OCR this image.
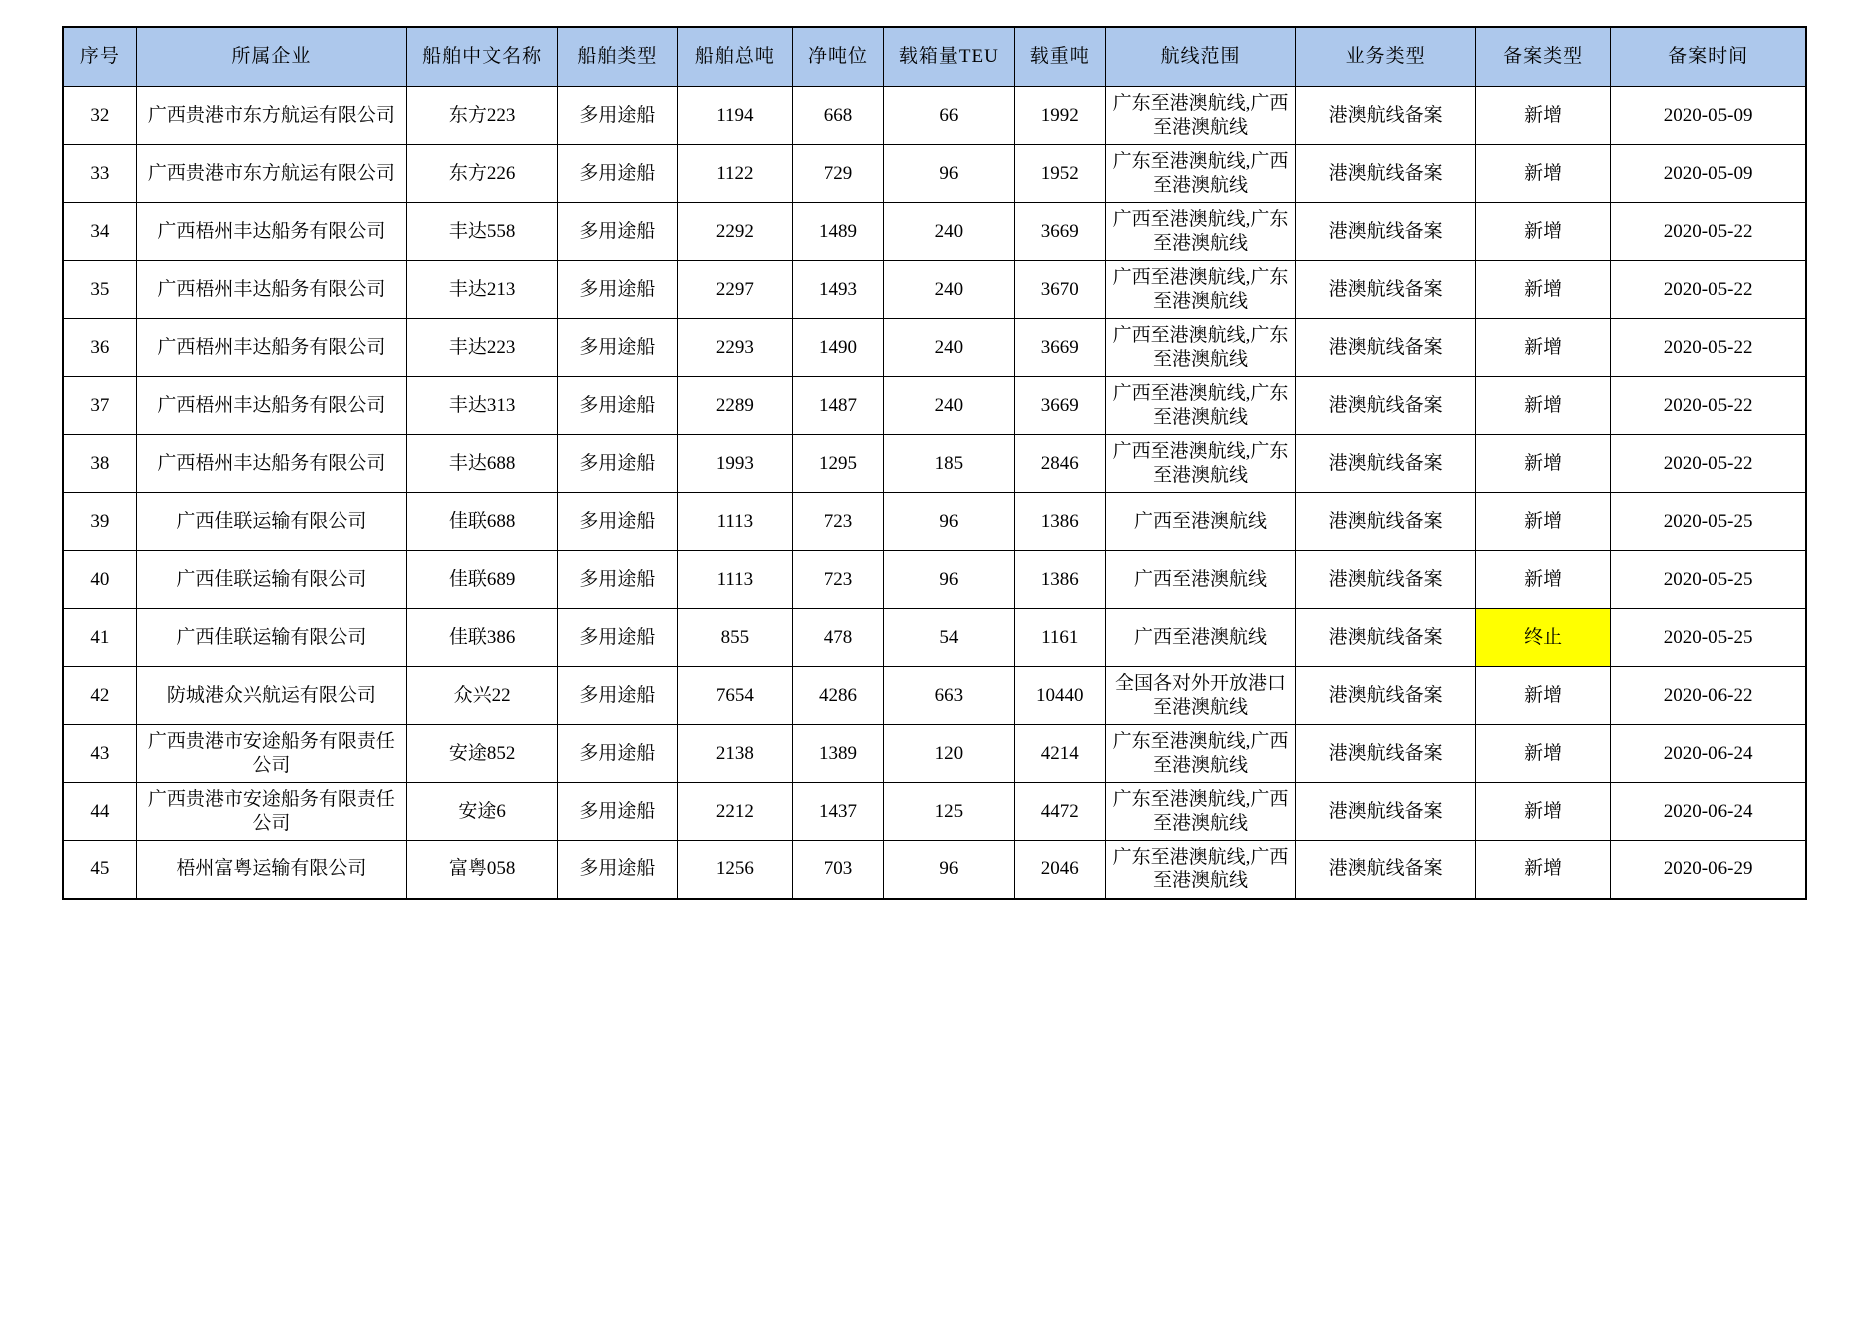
序号	所属企业	船舶中文名称	船舶类型	船舶总吨	净吨位	载箱量TEU	载重吨	航线范围	业务类型	备案类型	备案时间
32	广西贵港市东方航运有限公司	东方223	多用途船	1194	668	66	1992	广东至港澳航线,广西至港澳航线	港澳航线备案	新增	2020-05-09
33	广西贵港市东方航运有限公司	东方226	多用途船	1122	729	96	1952	广东至港澳航线,广西至港澳航线	港澳航线备案	新增	2020-05-09
34	广西梧州丰达船务有限公司	丰达558	多用途船	2292	1489	240	3669	广西至港澳航线,广东至港澳航线	港澳航线备案	新增	2020-05-22
35	广西梧州丰达船务有限公司	丰达213	多用途船	2297	1493	240	3670	广西至港澳航线,广东至港澳航线	港澳航线备案	新增	2020-05-22
36	广西梧州丰达船务有限公司	丰达223	多用途船	2293	1490	240	3669	广西至港澳航线,广东至港澳航线	港澳航线备案	新增	2020-05-22
37	广西梧州丰达船务有限公司	丰达313	多用途船	2289	1487	240	3669	广西至港澳航线,广东至港澳航线	港澳航线备案	新增	2020-05-22
38	广西梧州丰达船务有限公司	丰达688	多用途船	1993	1295	185	2846	广西至港澳航线,广东至港澳航线	港澳航线备案	新增	2020-05-22
39	广西佳联运输有限公司	佳联688	多用途船	1113	723	96	1386	广西至港澳航线	港澳航线备案	新增	2020-05-25
40	广西佳联运输有限公司	佳联689	多用途船	1113	723	96	1386	广西至港澳航线	港澳航线备案	新增	2020-05-25
41	广西佳联运输有限公司	佳联386	多用途船	855	478	54	1161	广西至港澳航线	港澳航线备案	终止	2020-05-25
42	防城港众兴航运有限公司	众兴22	多用途船	7654	4286	663	10440	全国各对外开放港口至港澳航线	港澳航线备案	新增	2020-06-22
43	广西贵港市安途船务有限责任公司	安途852	多用途船	2138	1389	120	4214	广东至港澳航线,广西至港澳航线	港澳航线备案	新增	2020-06-24
44	广西贵港市安途船务有限责任公司	安途6	多用途船	2212	1437	125	4472	广东至港澳航线,广西至港澳航线	港澳航线备案	新增	2020-06-24
45	梧州富粤运输有限公司	富粤058	多用途船	1256	703	96	2046	广东至港澳航线,广西至港澳航线	港澳航线备案	新增	2020-06-29
